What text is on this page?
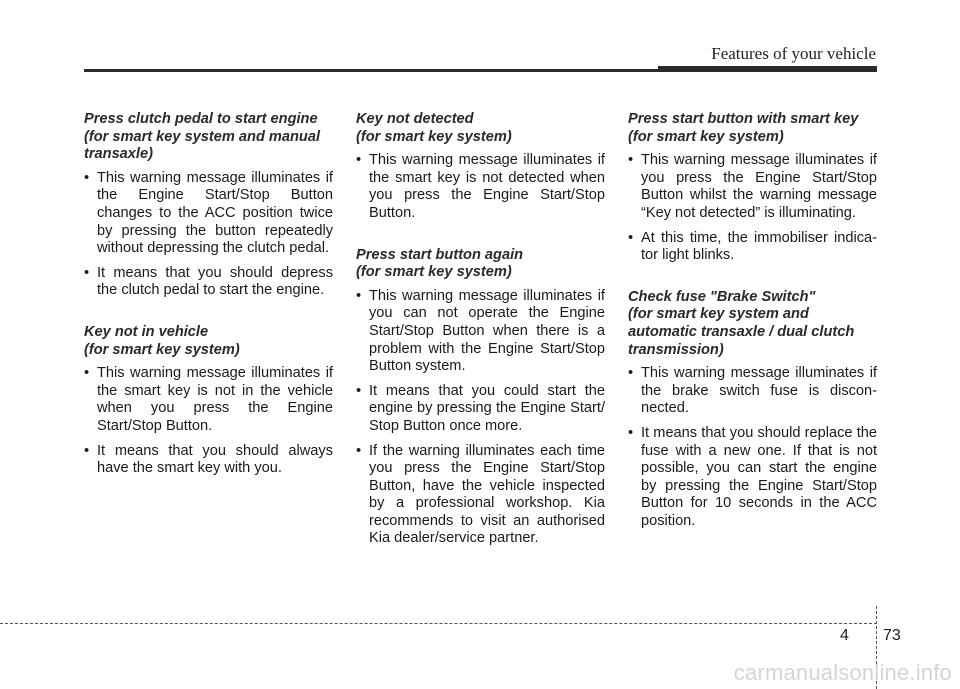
Features of your vehicle
Press clutch pedal to start engine
(for smart key system and manual
transaxle)
• This warning message illuminates if the Engine Start/Stop Button changes to the ACC position twice by pressing the button repeatedly without depressing the clutch pedal.
• It means that you should depress the clutch pedal to start the engine.
Key not in vehicle
(for smart key system)
• This warning message illuminates if the smart key is not in the vehicle when you press the Engine Start/Stop Button.
• It means that you should always have the smart key with you.
Key not detected
(for smart key system)
• This warning message illuminates if the smart key is not detected when you press the Engine Start/Stop Button.
Press start button again
(for smart key system)
• This warning message illuminates if you can not operate the Engine Start/Stop Button when there is a problem with the Engine Start/Stop Button system.
• It means that you could start the engine by pressing the Engine Start/ Stop Button once more.
• If the warning illuminates each time you press the Engine Start/Stop Button, have the vehicle inspected by a professional workshop. Kia recommends to visit an authorised Kia dealer/service partner.
Press start button with smart key
(for smart key system)
• This warning message illuminates if you press the Engine Start/Stop Button whilst the warning message “Key not detected” is illuminating.
• At this time, the immobiliser indica-tor light blinks.
Check fuse "Brake Switch"
(for smart key system and
automatic transaxle / dual clutch
transmission)
• This warning message illuminates if the brake switch fuse is discon-nected.
• It means that you should replace the fuse with a new one. If that is not possible, you can start the engine by pressing the Engine Start/Stop Button for 10 seconds in the ACC position.
4 73
carmanualsonline.info
